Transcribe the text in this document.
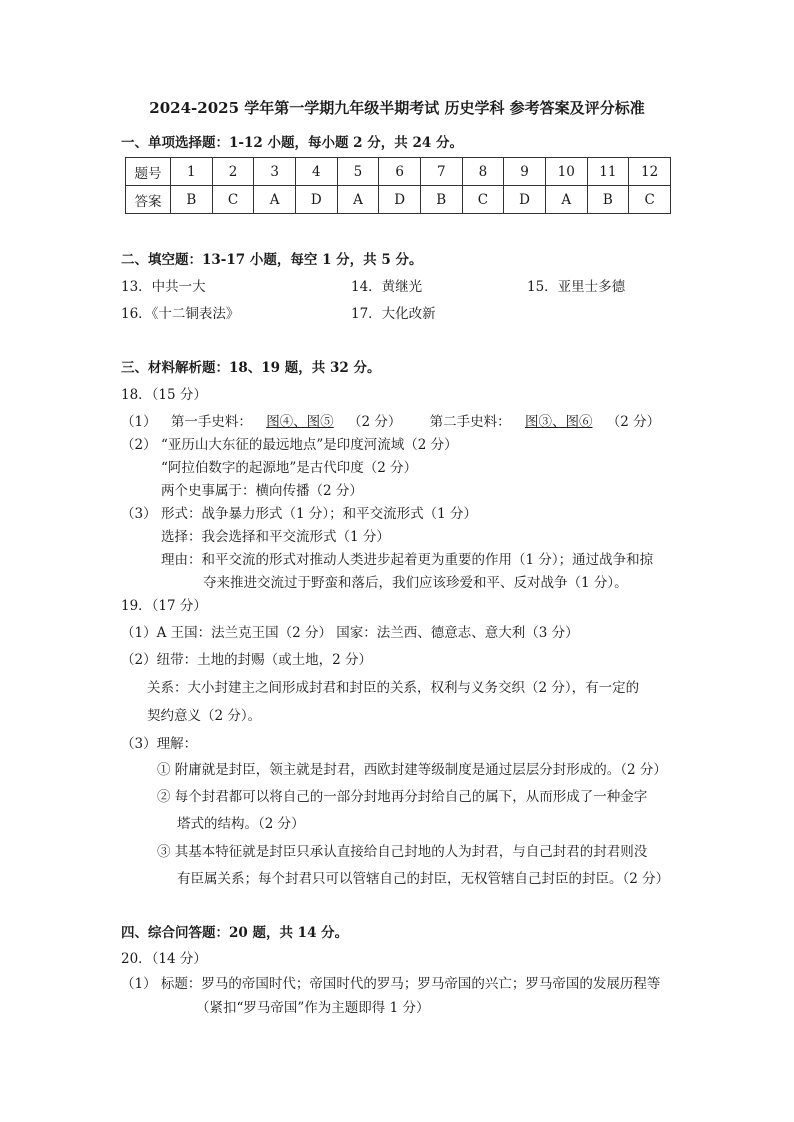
2024-2025 学年第一学期九年级半期考试 历史学科 参考答案及评分标准
一、单项选择题：1-12 小题，每小题 2 分，共 24 分。
题号	1	2	3	4	5	6	7	8	9	10	11	12
答案	B	C	A	D	A	D	B	C	D	A	B	C
二、填空题：13-17 小题，每空 1 分，共 5 分。
13．中共一大	14．黄继光	15．亚里士多德
16．《十二铜表法》	17．大化改新
三、材料解析题：18、19 题，共 32 分。
18．（15 分）
（1） 第一手史料： 图④、图⑤ （2 分） 第二手史料： 图③、图⑥ （2 分）
（2） “亚历山大东征的最远地点”是印度河流域（2 分）
“阿拉伯数字的起源地”是古代印度（2 分）
两个史事属于：横向传播（2 分）
（3） 形式：战争暴力形式（1 分）；和平交流形式（1 分）
选择：我会选择和平交流形式（1 分）
理由：和平交流的形式对推动人类进步起着更为重要的作用（1 分）；通过战争和掠
夺来推进交流过于野蛮和落后，我们应该珍爱和平、反对战争（1 分）。
19．（17 分）
（1）A 王国：法兰克王国（2 分） 国家：法兰西、德意志、意大利（3 分）
（2）纽带：土地的封赐（或土地，2 分）
关系：大小封建主之间形成封君和封臣的关系，权利与义务交织（2 分），有一定的
契约意义（2 分）。
（3）理解：
① 附庸就是封臣，领主就是封君，西欧封建等级制度是通过层层分封形成的。（2 分）
② 每个封君都可以将自己的一部分封地再分封给自己的属下，从而形成了一种金字
塔式的结构。（2 分）
③ 其基本特征就是封臣只承认直接给自己封地的人为封君，与自己封君的封君则没
有臣属关系；每个封君只可以管辖自己的封臣，无权管辖自己封臣的封臣。（2 分）
四、综合问答题：20 题，共 14 分。
20．（14 分）
（1） 标题：罗马的帝国时代；帝国时代的罗马；罗马帝国的兴亡；罗马帝国的发展历程等
（紧扣“罗马帝国”作为主题即得 1 分）
